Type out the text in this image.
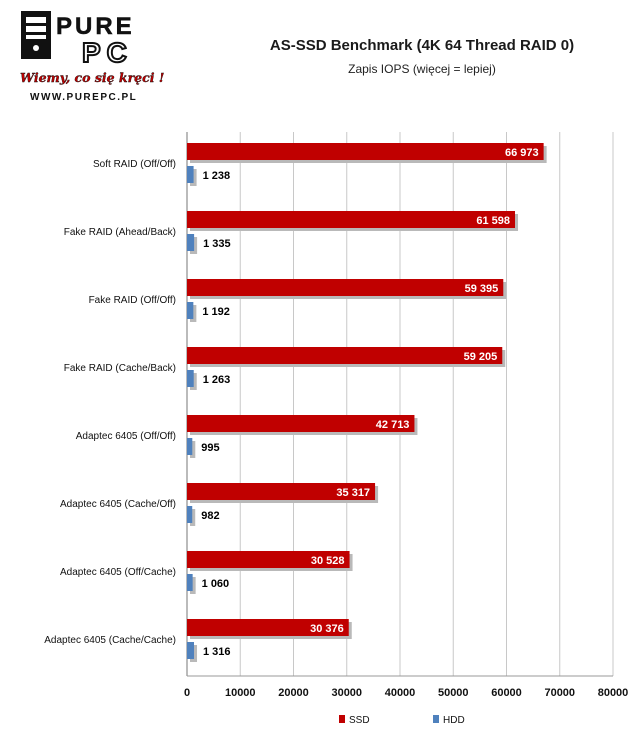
PURE
PC
Wiemy, co się kręci !
WWW.PUREPC.PL
AS-SSD Benchmark (4K 64 Thread RAID 0)
Zapis IOPS (więcej = lepiej)
66 973
1 238
61 598
1 335
59 395
1 192
59 205
1 263
42 713
995
35 317
982
30 528
1 060
30 376
1 316
Soft RAID (Off/Off)
Fake RAID (Ahead/Back)
Fake RAID (Off/Off)
Fake RAID (Cache/Back)
Adaptec 6405 (Off/Off)
Adaptec 6405 (Cache/Off)
Adaptec 6405 (Off/Cache)
Adaptec 6405 (Cache/Cache)
0	10000 20000 30000 40000 50000 60000 70000 80000
SSD	HDD
